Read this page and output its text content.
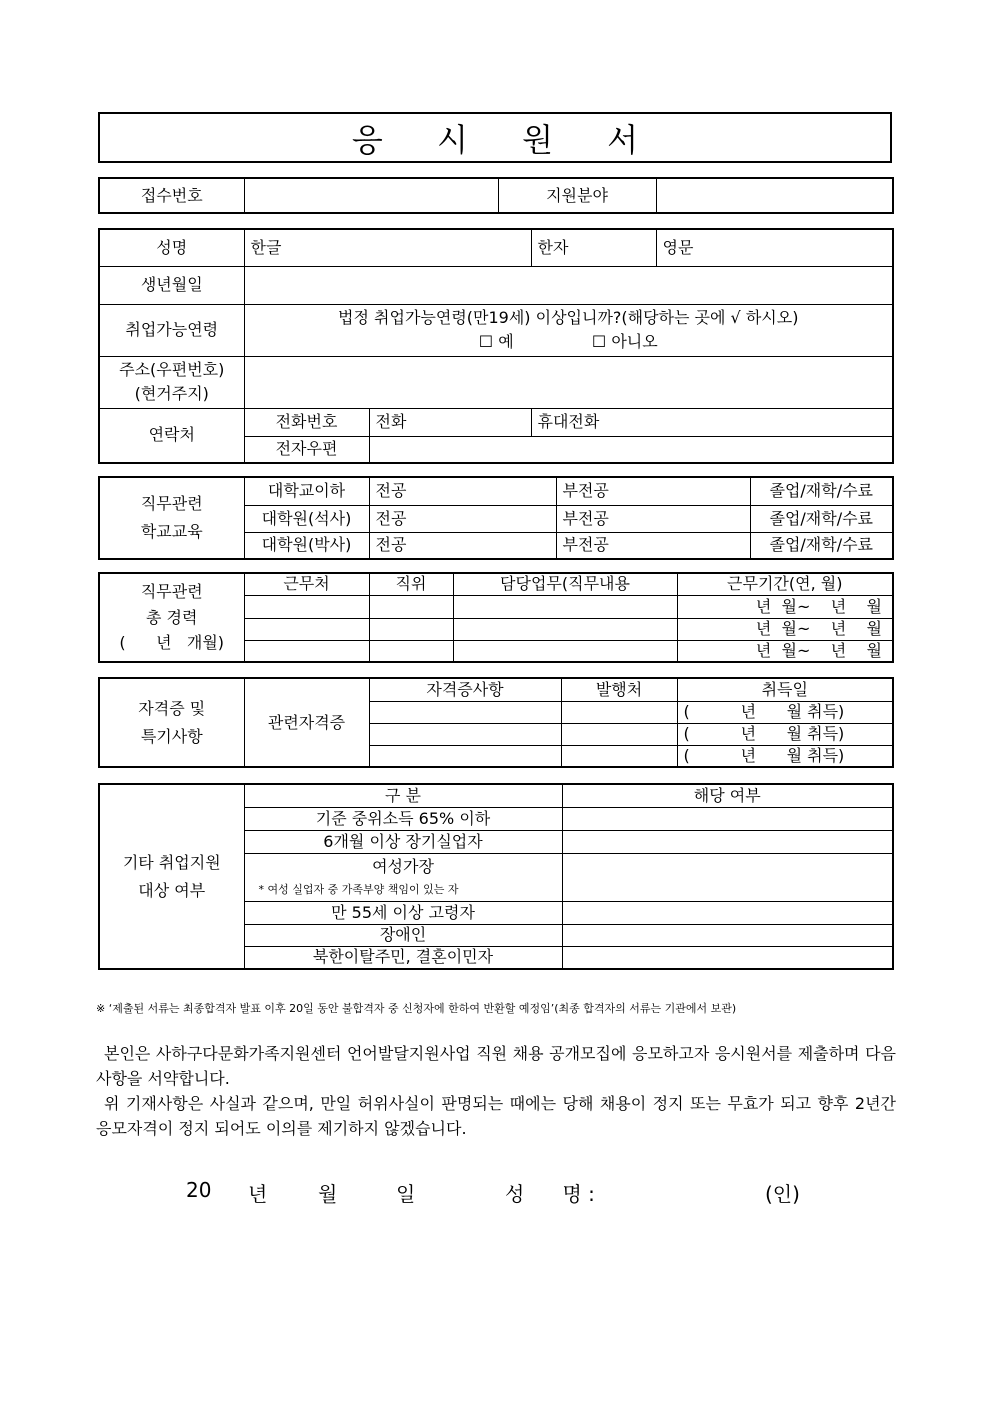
응 시 원 서
접수번호		지원분야	
성명	한글		한자	영문
생년월일				
취업가능연령	법정 취업가능연령(만19세) 이상입니까?(해당하는 곳에 √ 하시오)
☐ 예 ☐ 아니오			

주소(우편번호)
(현거주지)				

연락처	전화번호	전화	휴대전화	
	전자우편			
직무관련
학교교육	대학교이하	전공	부전공	졸업/재학/수료
	대학원(석사)	전공	부전공	졸업/재학/수료
	대학원(박사)	전공	부전공	졸업/재학/수료
직무관련
총 경력
(      년   개월)	근무처	직위	담당업무(직무내용	근무기간(연, 월)
				년  월~    년    월
				년  월~    년    월
				년  월~    년    월
자격증 및
특기사항	관련자격증	자격증사항	발행처	취득일
				(          년      월 취득)
				(          년      월 취득)
				(          년      월 취득)
기타 취업지원
대상 여부	구 분	해당 여부
	기준 중위소득 65% 이하	
	6개월 이상 장기실업자	

	여성가장
* 여성 실업자 중 가족부양 책임이 있는 자	

	만 55세 이상 고령자	
	장애인	
	북한이탈주민, 결혼이민자	
※ ‘제출된 서류는 최종합격자 발표 이후 20일 동안 불합격자 중 신청자에 한하여 반환할 예정임’(최종 합격자의 서류는 기관에서 보관)

본인은 사하구다문화가족지원센터 언어발달지원사업 직원 채용 공개모집에 응모하고자 응시원서를 제출하며 다음 사항을 서약합니다.

위 기재사항은 사실과 같으며, 만일 허위사실이 판명되는 때에는 당해 채용이 정지 또는 무효가 되고 향후 2년간 응모자격이 정지 되어도 이의를 제기하지 않겠습니다.

20 년	월	일	성      명 :	(인)
